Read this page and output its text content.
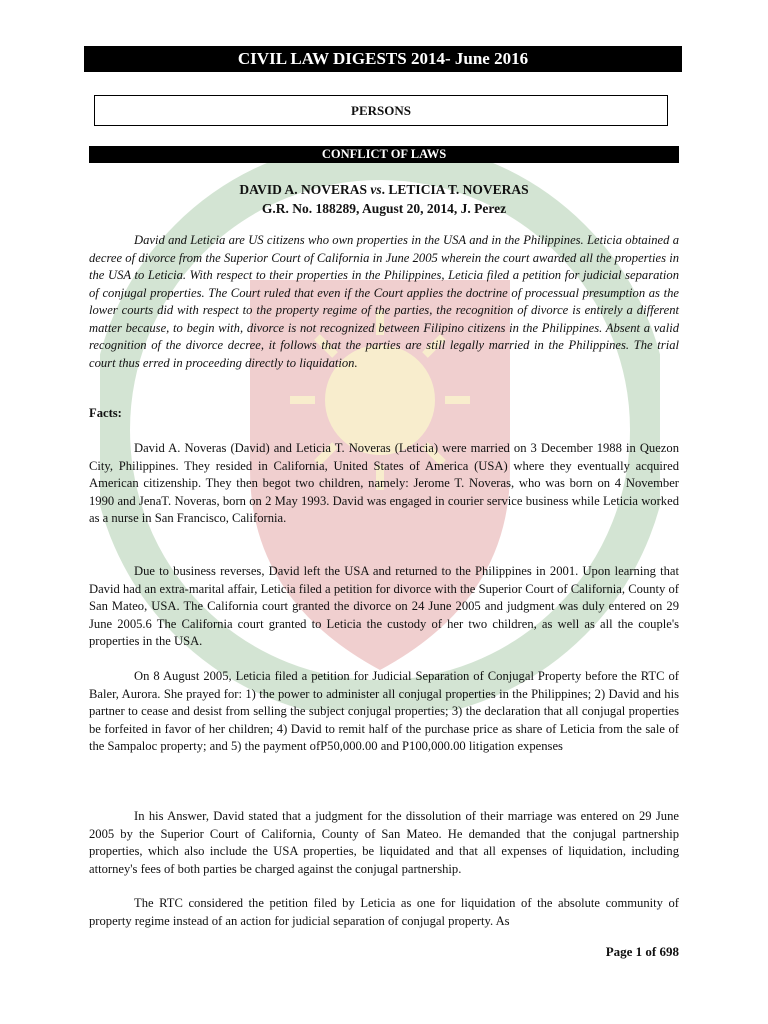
CIVIL LAW DIGESTS 2014- June 2016
PERSONS
CONFLICT OF LAWS
DAVID A. NOVERAS vs. LETICIA T. NOVERAS
G.R. No. 188289, August 20, 2014, J. Perez

David and Leticia are US citizens who own properties in the USA and in the Philippines. Leticia obtained a decree of divorce from the Superior Court of California in June 2005 wherein the court awarded all the properties in the USA to Leticia. With respect to their properties in the Philippines, Leticia filed a petition for judicial separation of conjugal properties. The Court ruled that even if the Court applies the doctrine of processual presumption as the lower courts did with respect to the property regime of the parties, the recognition of divorce is entirely a different matter because, to begin with, divorce is not recognized between Filipino citizens in the Philippines. Absent a valid recognition of the divorce decree, it follows that the parties are still legally married in the Philippines. The trial court thus erred in proceeding directly to liquidation.

Facts:

David A. Noveras (David) and Leticia T. Noveras (Leticia) were married on 3 December 1988 in Quezon City, Philippines. They resided in California, United States of America (USA) where they eventually acquired American citizenship. They then begot two children, namely: Jerome T. Noveras, who was born on 4 November 1990 and JenaT. Noveras, born on 2 May 1993. David was engaged in courier service business while Leticia worked as a nurse in San Francisco, California.

Due to business reverses, David left the USA and returned to the Philippines in 2001. Upon learning that David had an extra-marital affair, Leticia filed a petition for divorce with the Superior Court of California, County of San Mateo, USA. The California court granted the divorce on 24 June 2005 and judgment was duly entered on 29 June 2005.6 The California court granted to Leticia the custody of her two children, as well as all the couple's properties in the USA.

On 8 August 2005, Leticia filed a petition for Judicial Separation of Conjugal Property before the RTC of Baler, Aurora. She prayed for: 1) the power to administer all conjugal properties in the Philippines; 2) David and his partner to cease and desist from selling the subject conjugal properties; 3) the declaration that all conjugal properties be forfeited in favor of her children; 4) David to remit half of the purchase price as share of Leticia from the sale of the Sampaloc property; and 5) the payment ofP50,000.00 and P100,000.00 litigation expenses

In his Answer, David stated that a judgment for the dissolution of their marriage was entered on 29 June 2005 by the Superior Court of California, County of San Mateo. He demanded that the conjugal partnership properties, which also include the USA properties, be liquidated and that all expenses of liquidation, including attorney's fees of both parties be charged against the conjugal partnership.

The RTC considered the petition filed by Leticia as one for liquidation of the absolute community of property regime instead of an action for judicial separation of conjugal property. As

Page 1 of 698
